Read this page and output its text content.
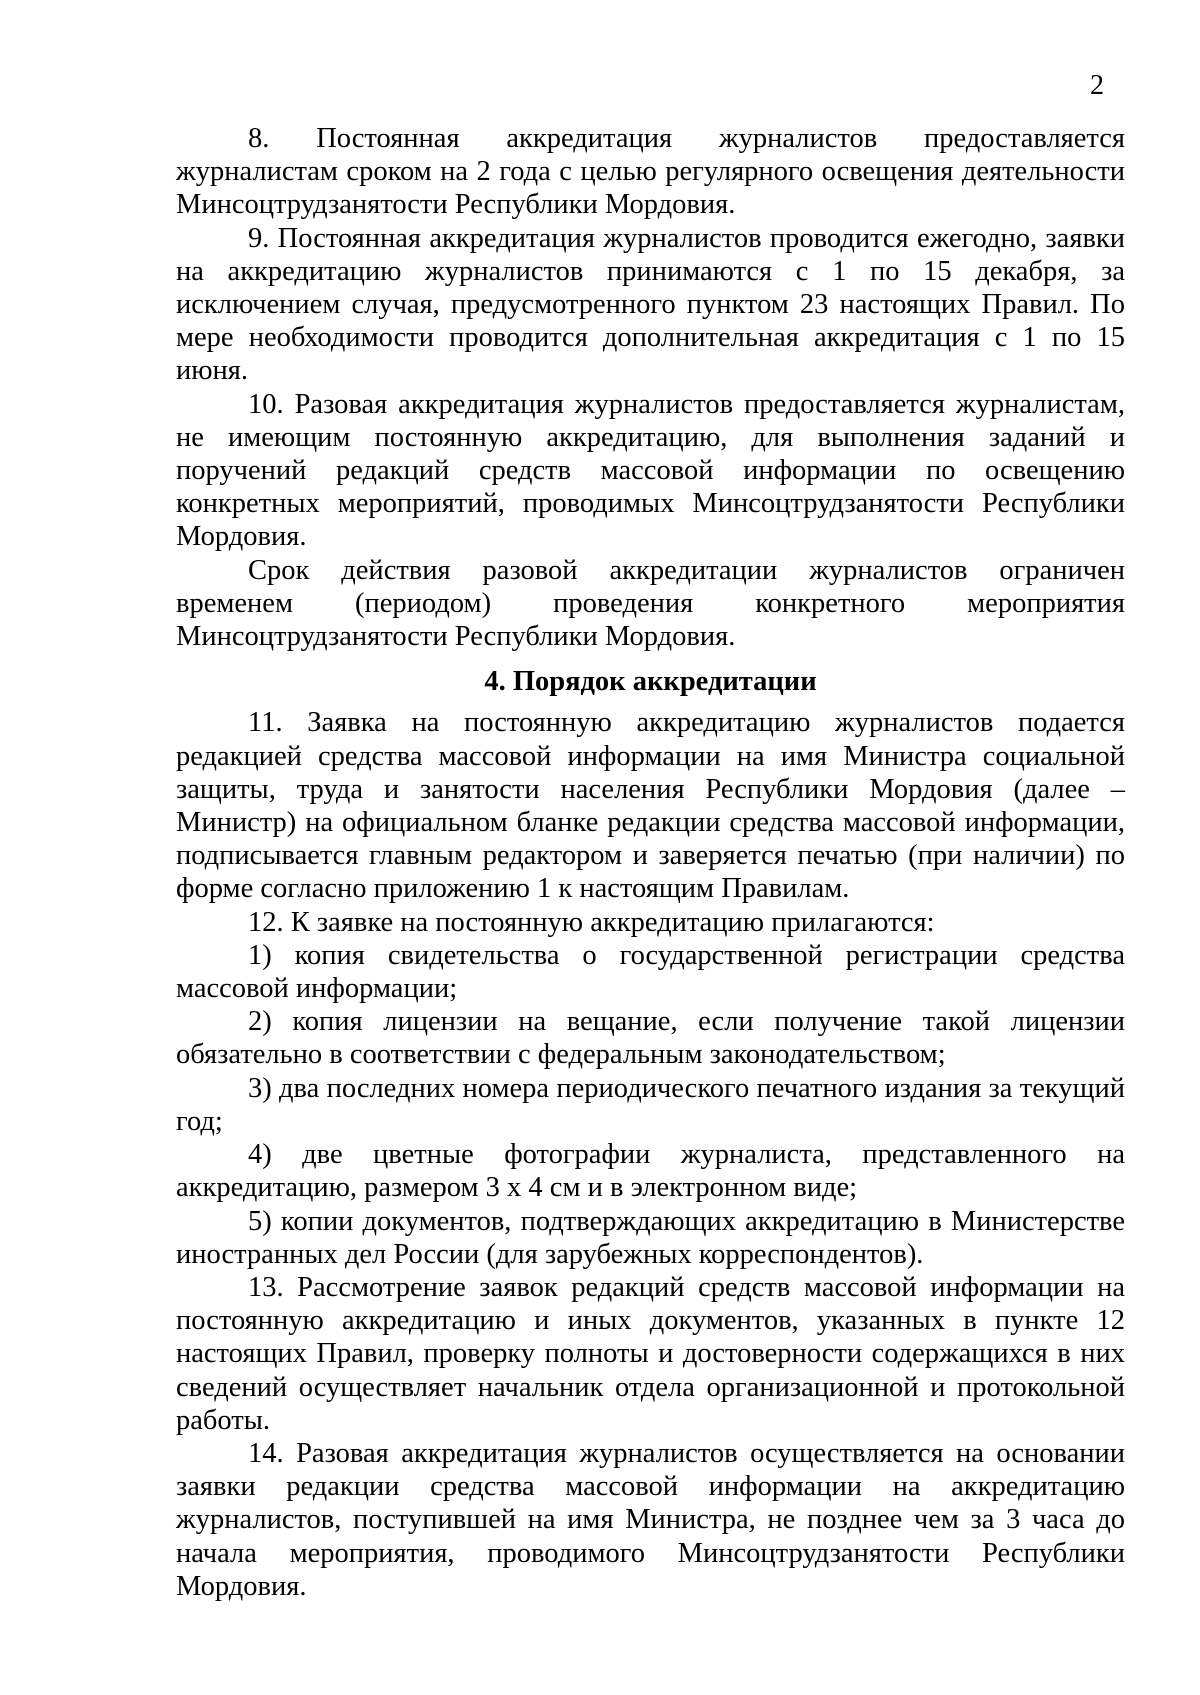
2

8. Постоянная аккредитация журналистов предоставляется журналистам сроком на 2 года с целью регулярного освещения деятельности Минсоцтрудзанятости Республики Мордовия.

9. Постоянная аккредитация журналистов проводится ежегодно, заявки на аккредитацию журналистов принимаются с 1 по 15 декабря, за исключением случая, предусмотренного пунктом 23 настоящих Правил. По мере необходимости проводится дополнительная аккредитация с 1 по 15 июня.

10. Разовая аккредитация журналистов предоставляется журналистам, не имеющим постоянную аккредитацию, для выполнения заданий и поручений редакций средств массовой информации по освещению конкретных мероприятий, проводимых Минсоцтрудзанятости Республики Мордовия.

Срок действия разовой аккредитации журналистов ограничен временем (периодом) проведения конкретного мероприятия Минсоцтрудзанятости Республики Мордовия.

4. Порядок аккредитации

11. Заявка на постоянную аккредитацию журналистов подается редакцией средства массовой информации на имя Министра социальной защиты, труда и занятости населения Республики Мордовия (далее – Министр) на официальном бланке редакции средства массовой информации, подписывается главным редактором и заверяется печатью (при наличии) по форме согласно приложению 1 к настоящим Правилам.

12. К заявке на постоянную аккредитацию прилагаются:

1) копия свидетельства о государственной регистрации средства массовой информации;

2) копия лицензии на вещание, если получение такой лицензии обязательно в соответствии с федеральным законодательством;

3) два последних номера периодического печатного издания за текущий год;

4) две цветные фотографии журналиста, представленного на аккредитацию, размером 3 х 4 см и в электронном виде;

5) копии документов, подтверждающих аккредитацию в Министерстве иностранных дел России (для зарубежных корреспондентов).

13. Рассмотрение заявок редакций средств массовой информации на постоянную аккредитацию и иных документов, указанных в пункте 12 настоящих Правил, проверку полноты и достоверности содержащихся в них сведений осуществляет начальник отдела организационной и протокольной работы.

14. Разовая аккредитация журналистов осуществляется на основании заявки редакции средства массовой информации на аккредитацию журналистов, поступившей на имя Министра, не позднее чем за 3 часа до начала мероприятия, проводимого Минсоцтрудзанятости Республики Мордовия.
